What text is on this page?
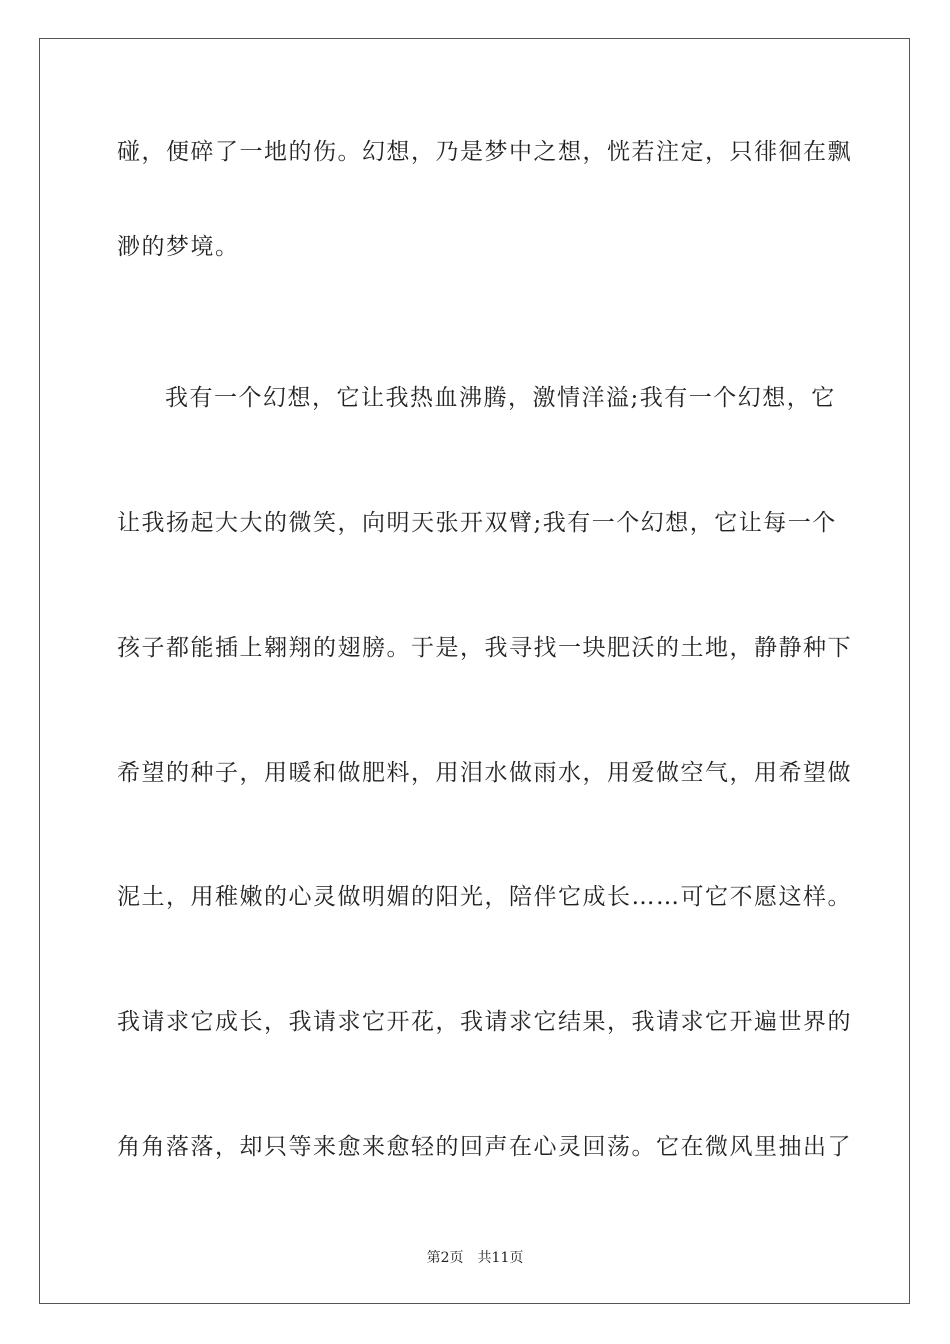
碰，便碎了一地的伤。幻想，乃是梦中之想，恍若注定，只徘徊在飘
渺的梦境。
我有一个幻想，它让我热血沸腾，激情洋溢;我有一个幻想，它
让我扬起大大的微笑，向明天张开双臂;我有一个幻想，它让每一个
孩子都能插上翱翔的翅膀。于是，我寻找一块肥沃的土地，静静种下
希望的种子，用暖和做肥料，用泪水做雨水，用爱做空气，用希望做
泥土，用稚嫩的心灵做明媚的阳光，陪伴它成长……可它不愿这样。
我请求它成长，我请求它开花，我请求它结果，我请求它开遍世界的
角角落落，却只等来愈来愈轻的回声在心灵回荡。它在微风里抽出了
第2页 共11页
